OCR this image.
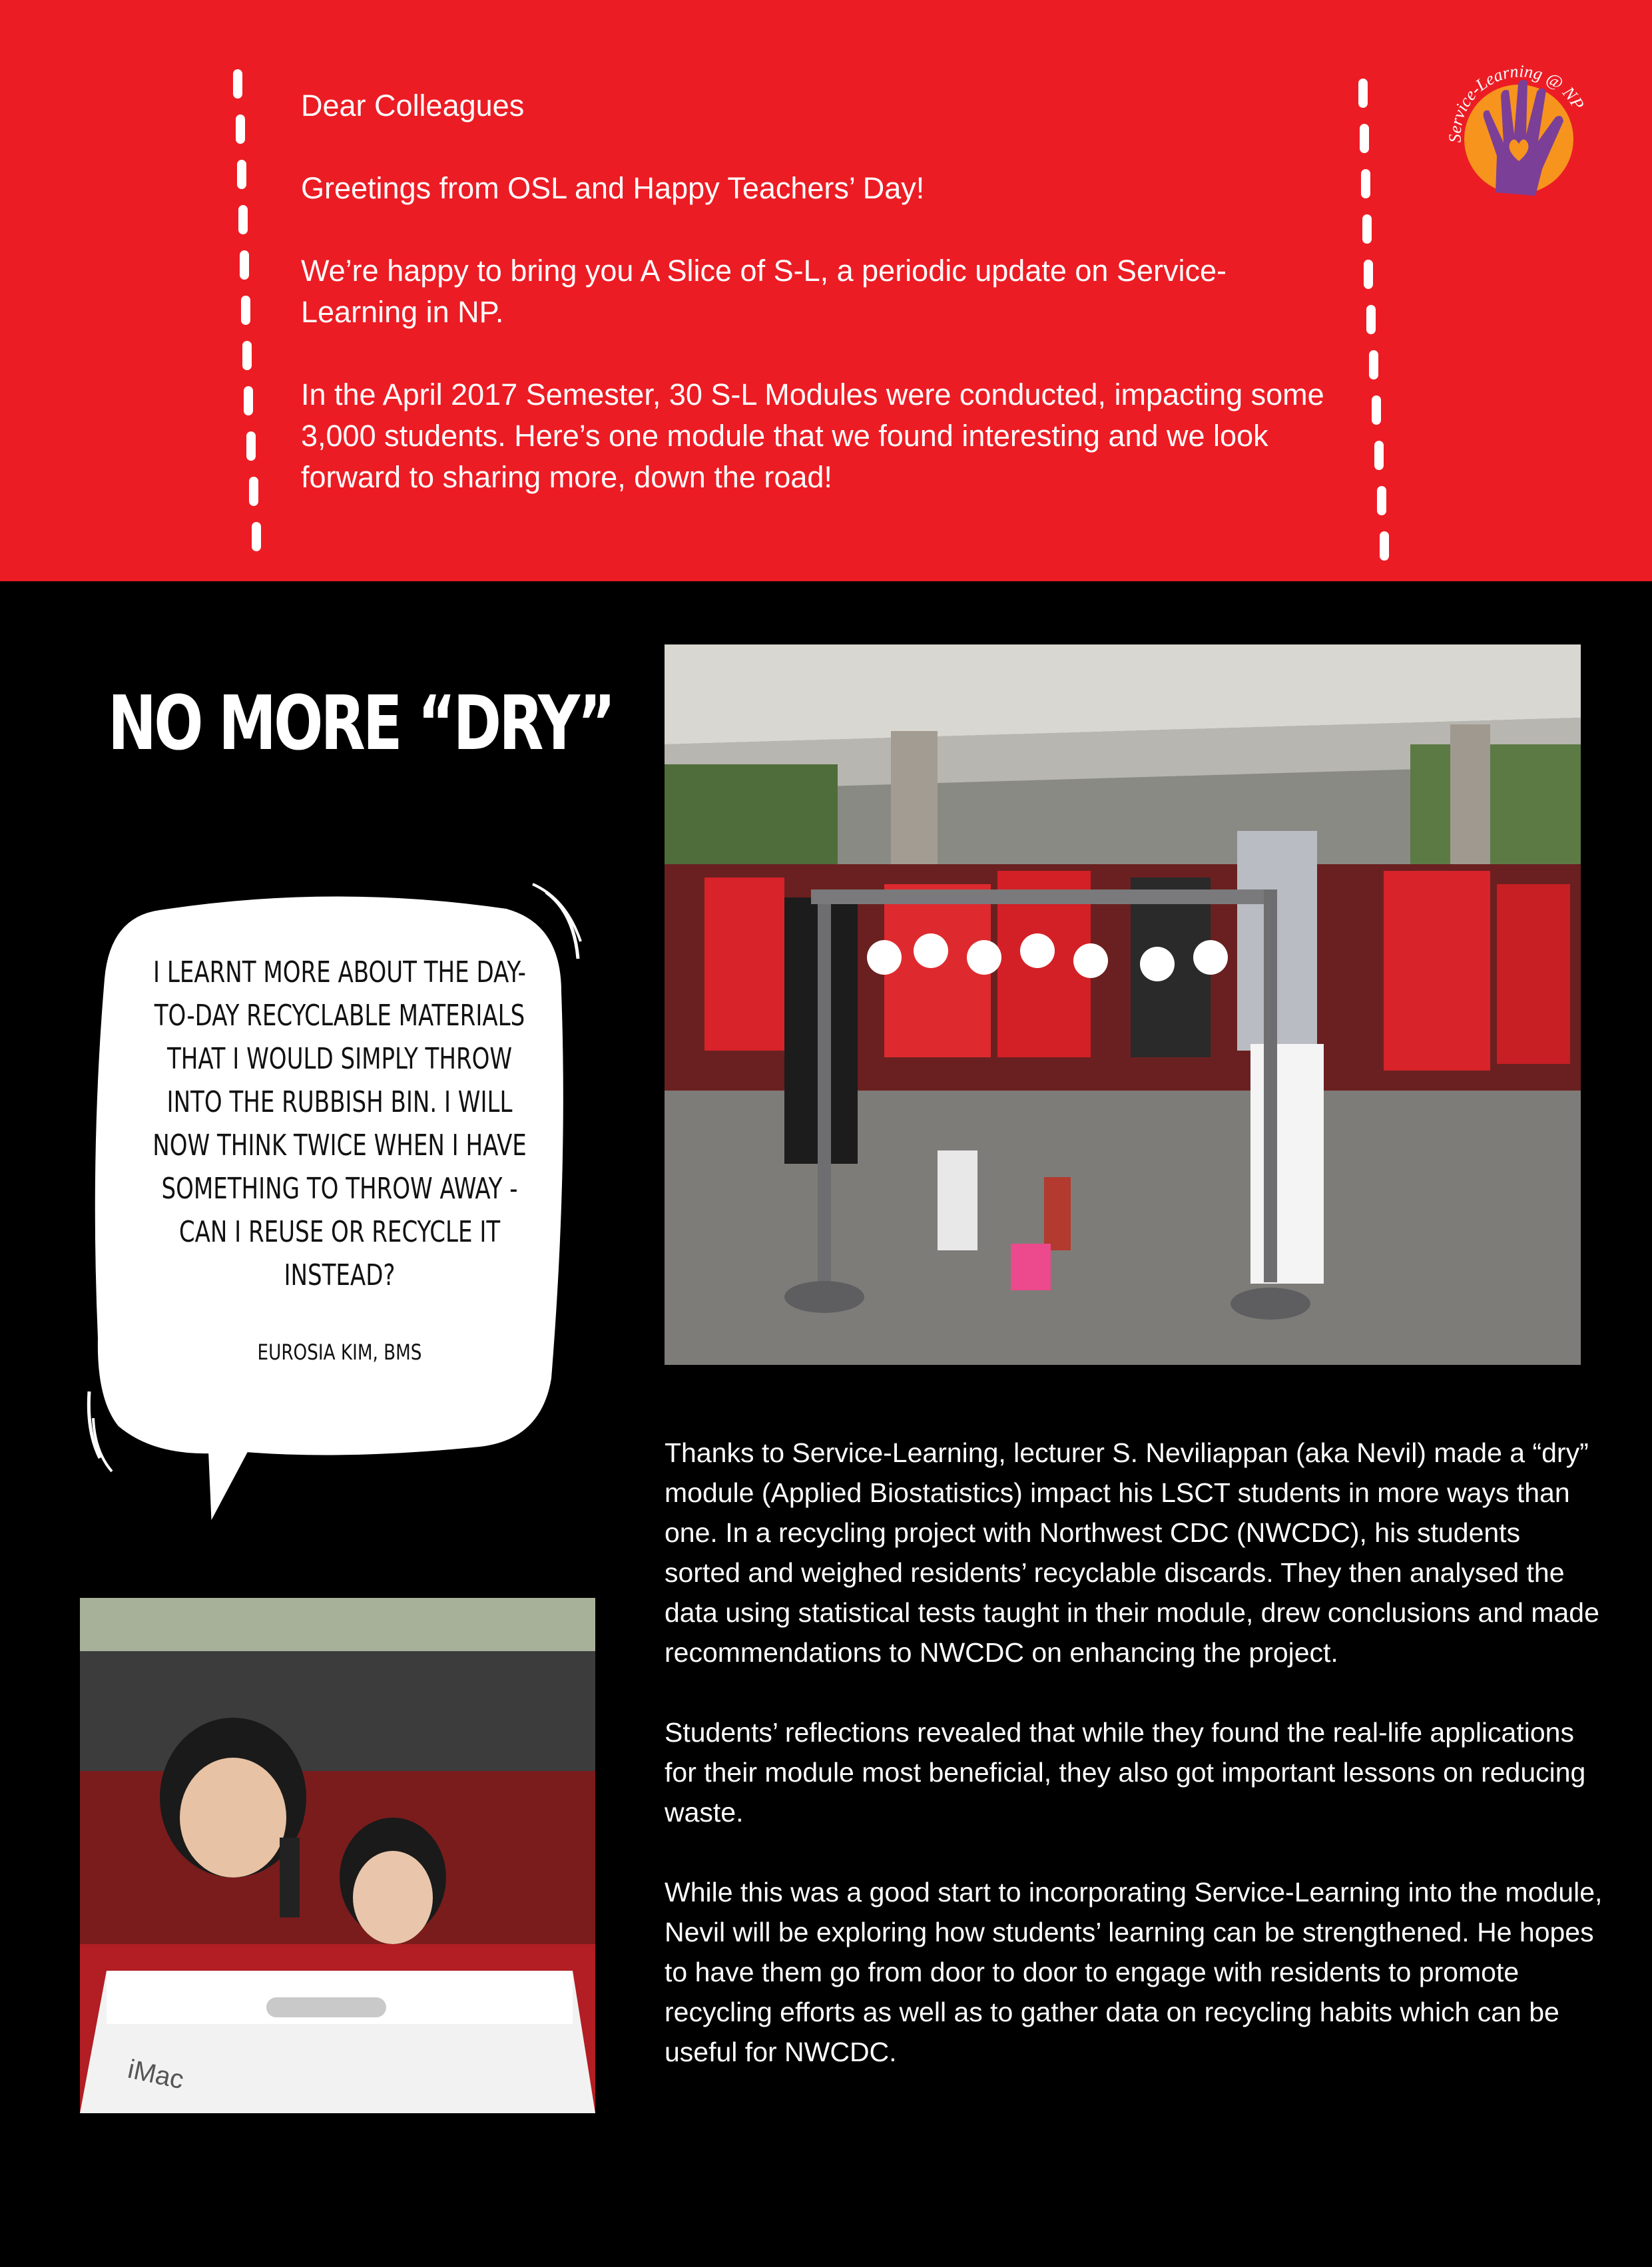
Dear Colleagues

Greetings from OSL and Happy Teachers’ Day!

We’re happy to bring you A Slice of S-L, a periodic update on Service-Learning in NP.

In the April 2017 Semester, 30 S-L Modules were conducted, impacting some 3,000 students. Here’s one module that we found interesting and we look forward to sharing more, down the road!

Service-Learning @ NP
NO MORE “DRY”
I LEARNT MORE ABOUT THE DAY-TO-DAY RECYCLABLE MATERIALS THAT I WOULD SIMPLY THROW INTO THE RUBBISH BIN. I WILL NOW THINK TWICE WHEN I HAVE SOMETHING TO THROW AWAY - CAN I REUSE OR RECYCLE IT INSTEAD?
EUROSIA KIM, BMS
iMac

Thanks to Service-Learning, lecturer S. Neviliappan (aka Nevil) made a “dry” module (Applied Biostatistics) impact his LSCT students in more ways than one. In a recycling project with Northwest CDC (NWCDC), his students sorted and weighed residents’ recyclable discards. They then analysed the data using statistical tests taught in their module, drew conclusions and made recommendations to NWCDC on enhancing the project.

Students’ reflections revealed that while they found the real-life applications for their module most beneficial, they also got important lessons on reducing waste.

While this was a good start to incorporating Service-Learning into the module, Nevil will be exploring how students’ learning can be strengthened. He hopes to have them go from door to door to engage with residents to promote recycling efforts as well as to gather data on recycling habits which can be useful for NWCDC.
